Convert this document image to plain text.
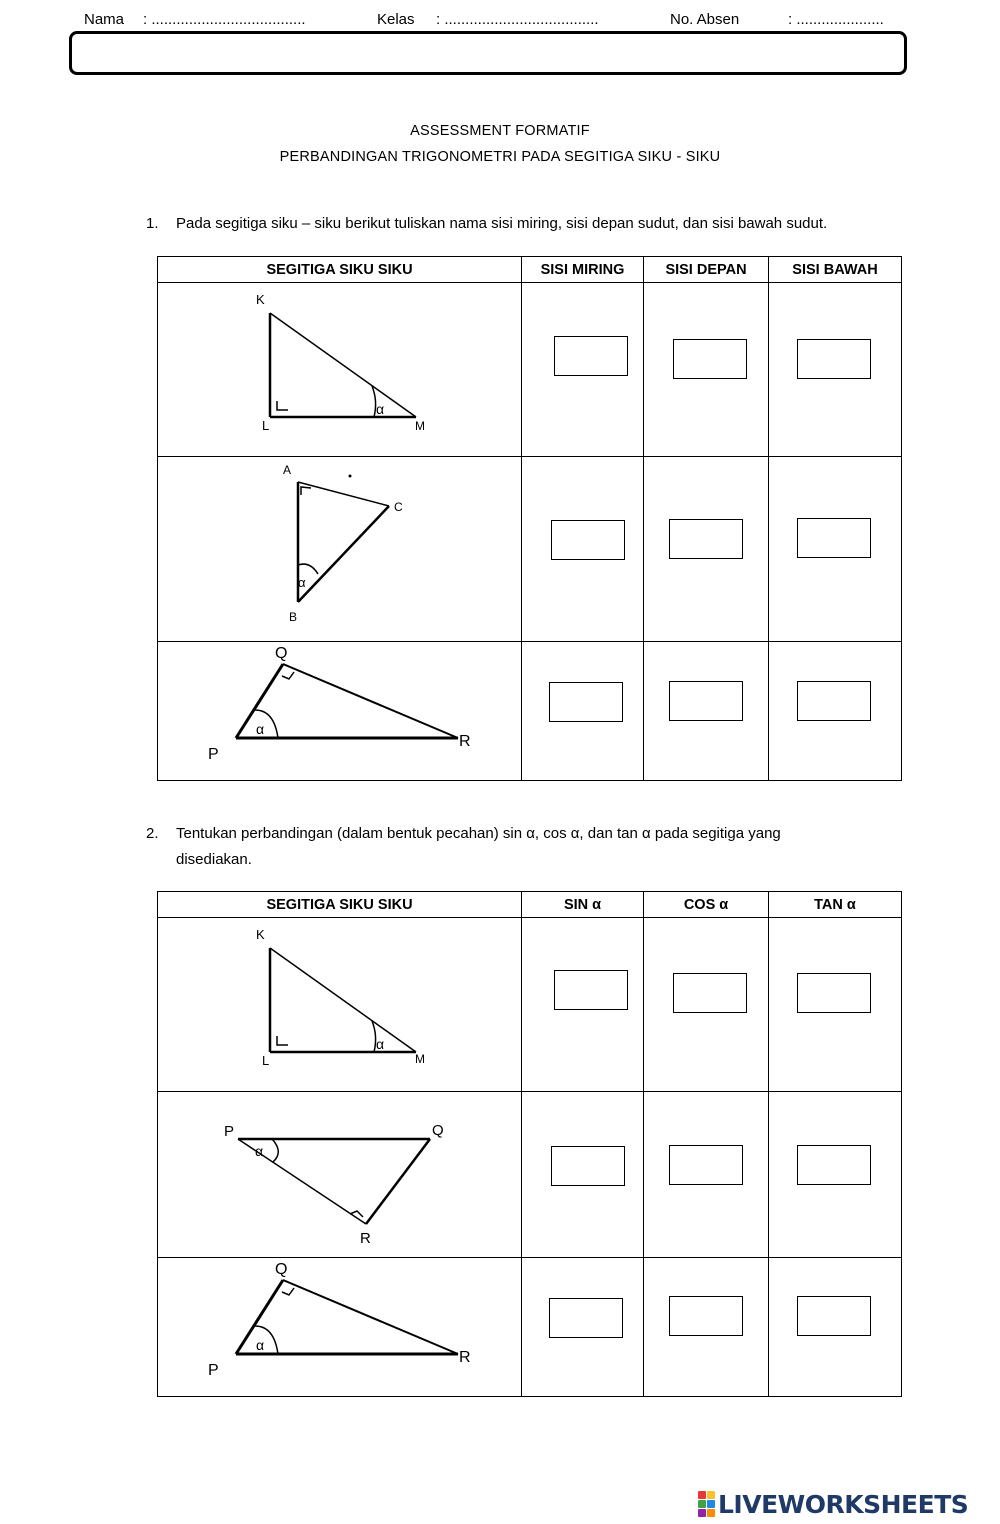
Nama : .....................................	Kelas : .....................................	No. Absen	: .....................
ASSESSMENT FORMATIF
PERBANDINGAN TRIGONOMETRI PADA SEGITIGA SIKU - SIKU
1. Pada segitiga siku – siku berikut tuliskan nama sisi miring, sisi depan sudut, dan sisi bawah sudut.
SEGITIGA SIKU SIKU	SISI MIRING	SISI DEPAN	SISI BAWAH

K
L M
α

A
B
C
α

Q
P
R
α

2. Tentukan perbandingan (dalam bentuk pecahan) sin α, cos α, dan tan α pada segitiga yang disediakan.
SEGITIGA SIKU SIKU	SIN α	COS α	TAN α

K
L M
α

P Q
R
α

Q
P
R
α

LIVEWORKSHEETS
